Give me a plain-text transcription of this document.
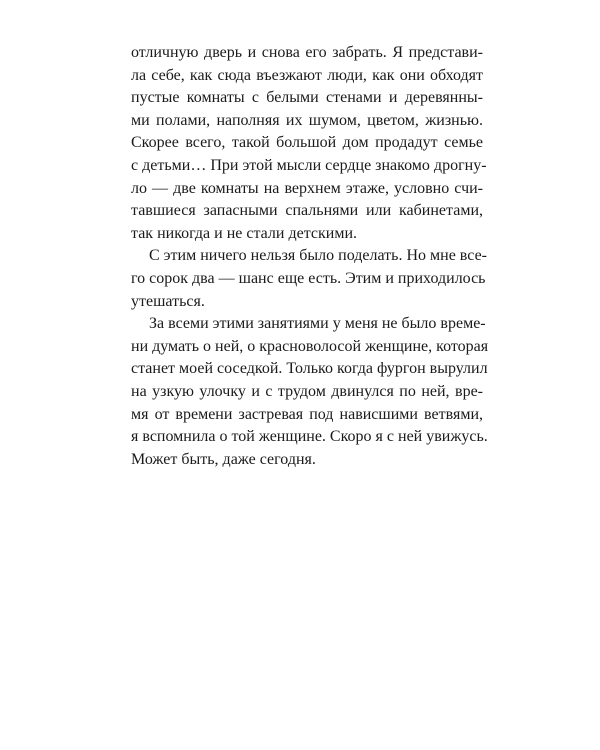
отличную дверь и снова его забрать. Я представи-
ла себе, как сюда въезжают люди, как они обходят
пустые комнаты с белыми стенами и деревянны-
ми полами, наполняя их шумом, цветом, жизнью.
Скорее всего, такой большой дом продадут семье
с детьми… При этой мысли сердце знакомо дрогну-
ло — две комнаты на верхнем этаже, условно счи-
тавшиеся запасными спальнями или кабинетами,
так никогда и не стали детскими.
С этим ничего нельзя было поделать. Но мне все-
го сорок два — шанс еще есть. Этим и приходилось
утешаться.
За всеми этими занятиями у меня не было време-
ни думать о ней, о красноволосой женщине, которая
станет моей соседкой. Только когда фургон вырулил
на узкую улочку и с трудом двинулся по ней, вре-
мя от времени застревая под нависшими ветвями,
я вспомнила о той женщине. Скоро я с ней увижусь.
Может быть, даже сегодня.
